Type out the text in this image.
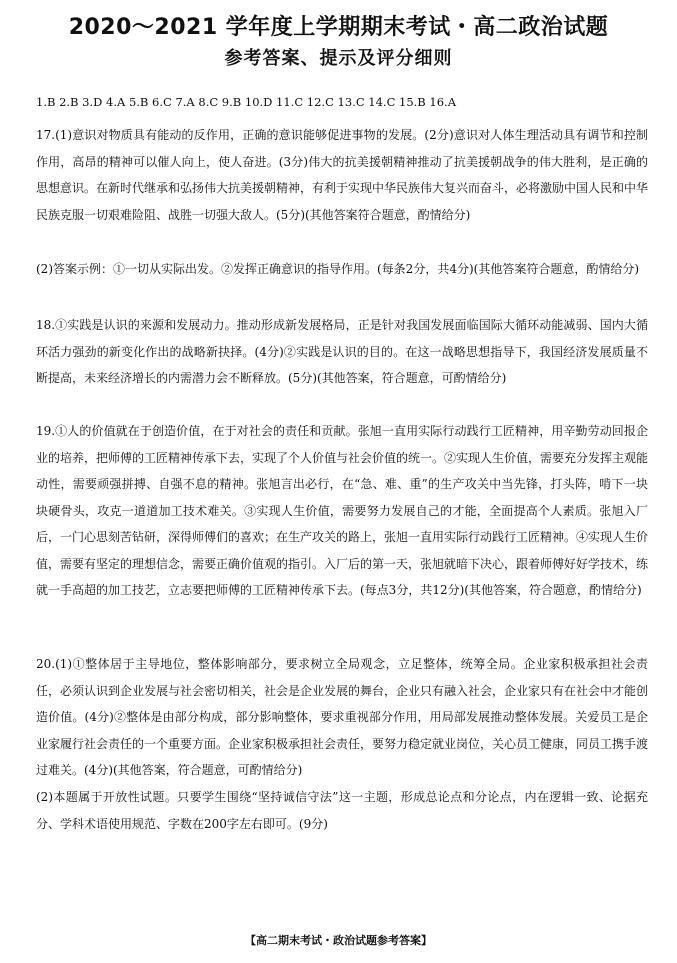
2020～2021 学年度上学期期末考试・高二政治试题
参考答案、提示及评分细则
1.B 2.B 3.D 4.A 5.B 6.C 7.A 8.C 9.B 10.D 11.C 12.C 13.C 14.C 15.B 16.A

17.(1)意识对物质具有能动的反作用，正确的意识能够促进事物的发展。(2分)意识对人体生理活动具有调节和控制作用，高昂的精神可以催人向上，使人奋进。(3分)伟大的抗美援朝精神推动了抗美援朝战争的伟大胜利，是正确的思想意识。在新时代继承和弘扬伟大抗美援朝精神，有利于实现中华民族伟大复兴而奋斗，必将激励中国人民和中华民族克服一切艰难险阻、战胜一切强大敌人。(5分)(其他答案符合题意，酌情给分)

(2)答案示例：①一切从实际出发。②发挥正确意识的指导作用。(每条2分，共4分)(其他答案符合题意，酌情给分)

18.①实践是认识的来源和发展动力。推动形成新发展格局，正是针对我国发展面临国际大循环动能减弱、国内大循环活力强劲的新变化作出的战略新抉择。(4分)②实践是认识的目的。在这一战略思想指导下，我国经济发展质量不断提高，未来经济增长的内需潜力会不断释放。(5分)(其他答案，符合题意，可酌情给分)

19.①人的价值就在于创造价值，在于对社会的责任和贡献。张旭一直用实际行动践行工匠精神，用辛勤劳动回报企业的培养，把师傅的工匠精神传承下去，实现了个人价值与社会价值的统一。②实现人生价值，需要充分发挥主观能动性，需要顽强拼搏、自强不息的精神。张旭言出必行，在“急、难、重”的生产攻关中当先锋，打头阵，啃下一块块硬骨头，攻克一道道加工技术难关。③实现人生价值，需要努力发展自己的才能，全面提高个人素质。张旭入厂后，一门心思刻苦钻研，深得师傅们的喜欢；在生产攻关的路上，张旭一直用实际行动践行工匠精神。④实现人生价值，需要有坚定的理想信念，需要正确价值观的指引。入厂后的第一天，张旭就暗下决心，跟着师傅好好学技术，练就一手高超的加工技艺，立志要把师傅的工匠精神传承下去。(每点3分，共12分)(其他答案，符合题意，酌情给分)

20.(1)①整体居于主导地位，整体影响部分，要求树立全局观念，立足整体，统筹全局。企业家积极承担社会责任，必须认识到企业发展与社会密切相关，社会是企业发展的舞台，企业只有融入社会，企业家只有在社会中才能创造价值。(4分)②整体是由部分构成，部分影响整体，要求重视部分作用，用局部发展推动整体发展。关爱员工是企业家履行社会责任的一个重要方面。企业家积极承担社会责任，要努力稳定就业岗位，关心员工健康，同员工携手渡过难关。(4分)(其他答案，符合题意，可酌情给分)

(2)本题属于开放性试题。只要学生围绕“坚持诚信守法”这一主题，形成总论点和分论点，内在逻辑一致、论据充分、学科术语使用规范、字数在200字左右即可。(9分)

【高二期末考试・政治试题参考答案】
